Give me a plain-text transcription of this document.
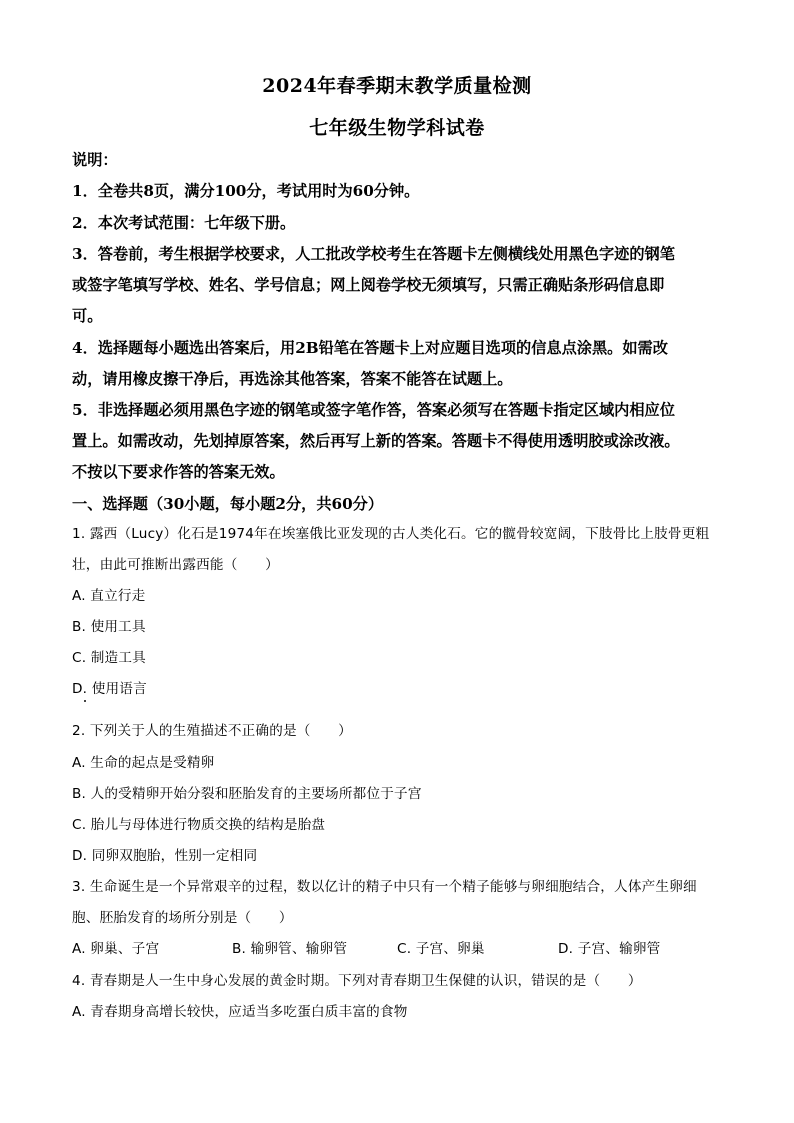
2024年春季期末教学质量检测
七年级生物学科试卷
说明：
1．全卷共8页，满分100分，考试用时为60分钟。
2．本次考试范围：七年级下册。
3．答卷前，考生根据学校要求，人工批改学校考生在答题卡左侧横线处用黑色字迹的钢笔
或签字笔填写学校、姓名、学号信息；网上阅卷学校无须填写，只需正确贴条形码信息即
可。
4．选择题每小题选出答案后，用2B铅笔在答题卡上对应题目选项的信息点涂黑。如需改
动，请用橡皮擦干净后，再选涂其他答案，答案不能答在试题上。
5．非选择题必须用黑色字迹的钢笔或签字笔作答，答案必须写在答题卡指定区域内相应位
置上。如需改动，先划掉原答案，然后再写上新的答案。答题卡不得使用透明胶或涂改液。
不按以下要求作答的答案无效。
一、选择题（30小题，每小题2分，共60分）
1. 露西（Lucy）化石是1974年在埃塞俄比亚发现的古人类化石。它的髋骨较宽阔，下肢骨比上肢骨更粗
壮，由此可推断出露西能（　　）
A. 直立行走
B. 使用工具
C. 制造工具
D. 使用语言
2. 下列关于人的生殖描述不正确的是（　　）
A. 生命的起点是受精卵
B. 人的受精卵开始分裂和胚胎发育的主要场所都位于子宫
C. 胎儿与母体进行物质交换的结构是胎盘
D. 同卵双胞胎，性别一定相同
3. 生命诞生是一个异常艰辛的过程，数以亿计的精子中只有一个精子能够与卵细胞结合，人体产生卵细
胞、胚胎发育的场所分别是（　　）
A. 卵巢、子宫	B. 输卵管、输卵管	C. 子宫、卵巢	D. 子宫、输卵管
4. 青春期是人一生中身心发展的黄金时期。下列对青春期卫生保健的认识，错误的是（　　）
A. 青春期身高增长较快，应适当多吃蛋白质丰富的食物
